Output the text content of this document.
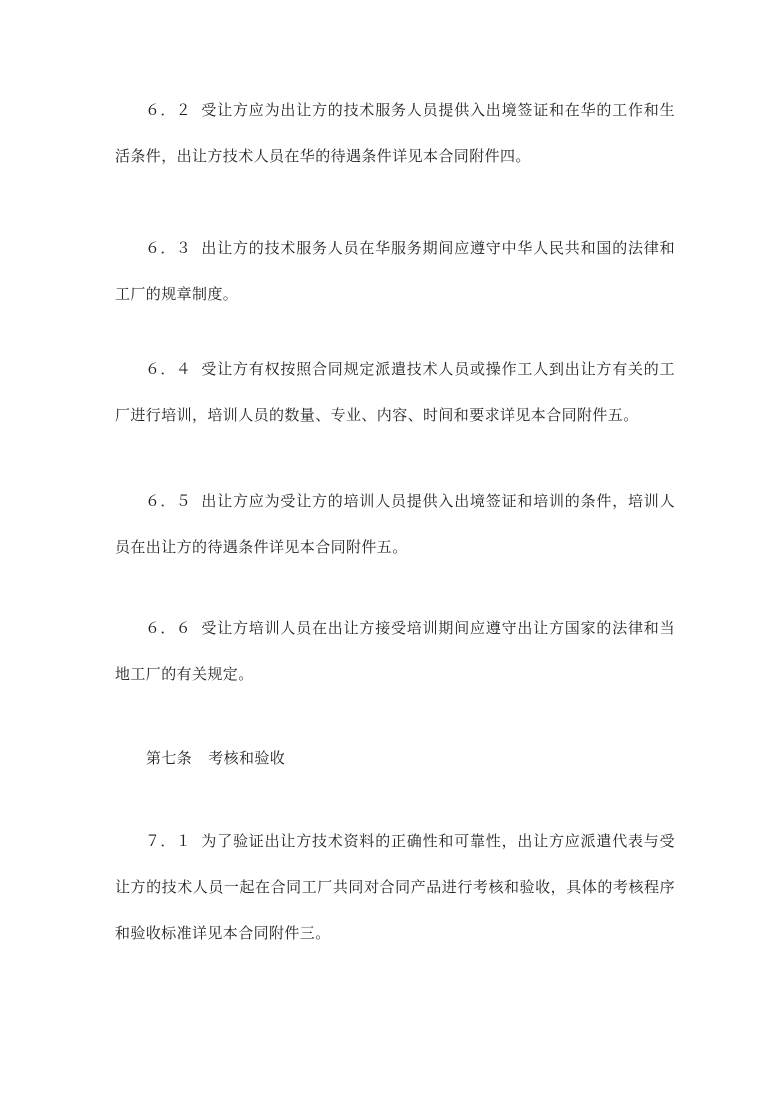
６．２ 受让方应为出让方的技术服务人员提供入出境签证和在华的工作和生活条件，出让方技术人员在华的待遇条件详见本合同附件四。

６．３ 出让方的技术服务人员在华服务期间应遵守中华人民共和国的法律和工厂的规章制度。

６．４ 受让方有权按照合同规定派遣技术人员或操作工人到出让方有关的工厂进行培训，培训人员的数量、专业、内容、时间和要求详见本合同附件五。

６．５ 出让方应为受让方的培训人员提供入出境签证和培训的条件，培训人员在出让方的待遇条件详见本合同附件五。

６．６ 受让方培训人员在出让方接受培训期间应遵守出让方国家的法律和当地工厂的有关规定。

第七条 考核和验收

７．１ 为了验证出让方技术资料的正确性和可靠性，出让方应派遣代表与受让方的技术人员一起在合同工厂共同对合同产品进行考核和验收，具体的考核程序和验收标准详见本合同附件三。
